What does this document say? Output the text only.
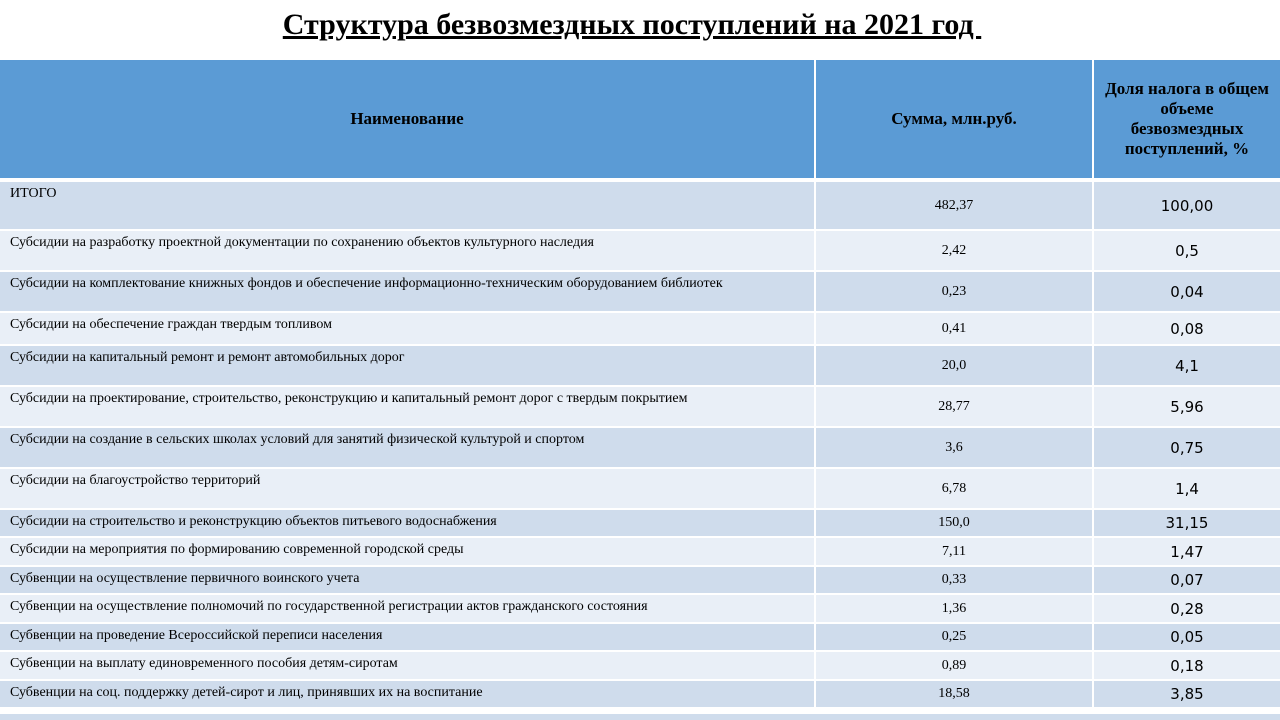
Структура безвозмездных поступлений на 2021 год
Наименование	Сумма, млн.руб.	Доля налога в общем объеме безвозмездных поступлений, %
ИТОГО	482,37	100,00
Субсидии на разработку проектной документации по сохранению объектов культурного наследия	2,42	0,5
Субсидии на комплектование книжных фондов и обеспечение информационно-техническим оборудованием библиотек	0,23	0,04
Субсидии на обеспечение граждан твердым топливом	0,41	0,08
Субсидии на капитальный ремонт и ремонт автомобильных дорог	20,0	4,1
Субсидии на проектирование, строительство, реконструкцию и капитальный ремонт дорог с твердым покрытием	28,77	5,96
Субсидии на создание в сельских школах условий для занятий физической культурой и спортом	3,6	0,75
Субсидии на благоустройство территорий	6,78	1,4
Субсидии на строительство и реконструкцию объектов питьевого водоснабжения	150,0	31,15
Субсидии на мероприятия по формированию современной городской среды	7,11	1,47
Субвенции на осуществление первичного воинского учета	0,33	0,07
Субвенции на осуществление полномочий по государственной регистрации актов гражданского состояния	1,36	0,28
Субвенции на проведение Всероссийской переписи населения	0,25	0,05
Субвенции на выплату единовременного пособия детям-сиротам	0,89	0,18
Субвенции на соц. поддержку детей-сирот и лиц, принявших их на воспитание	18,58	3,85
